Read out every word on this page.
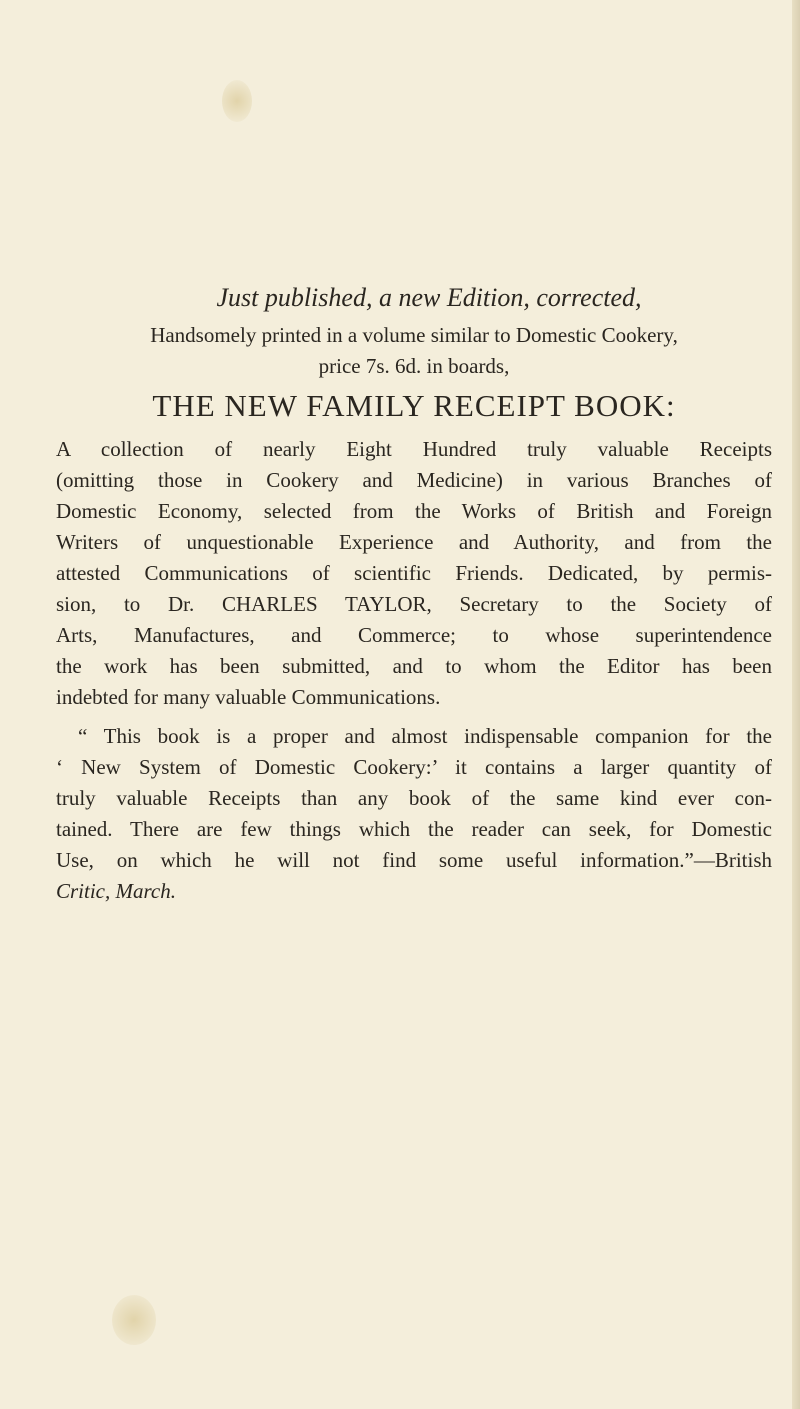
Just published, a new Edition, corrected,
Handsomely printed in a volume similar to Domestic Cookery,
price 7s. 6d. in boards,
THE NEW FAMILY RECEIPT BOOK:
A collection of nearly Eight Hundred truly valuable Receipts
(omitting those in Cookery and Medicine) in various Branches of
Domestic Economy, selected from the Works of British and Foreign
Writers of unquestionable Experience and Authority, and from the
attested Communications of scientific Friends. Dedicated, by permis-
sion, to Dr. CHARLES TAYLOR, Secretary to the Society of
Arts, Manufactures, and Commerce; to whose superintendence
the work has been submitted, and to whom the Editor has been
indebted for many valuable Communications.
“ This book is a proper and almost indispensable companion for the
‘ New System of Domestic Cookery:’ it contains a larger quantity of
truly valuable Receipts than any book of the same kind ever con-
tained. There are few things which the reader can seek, for Domestic
Use, on which he will not find some useful information.”—British
Critic, March.
